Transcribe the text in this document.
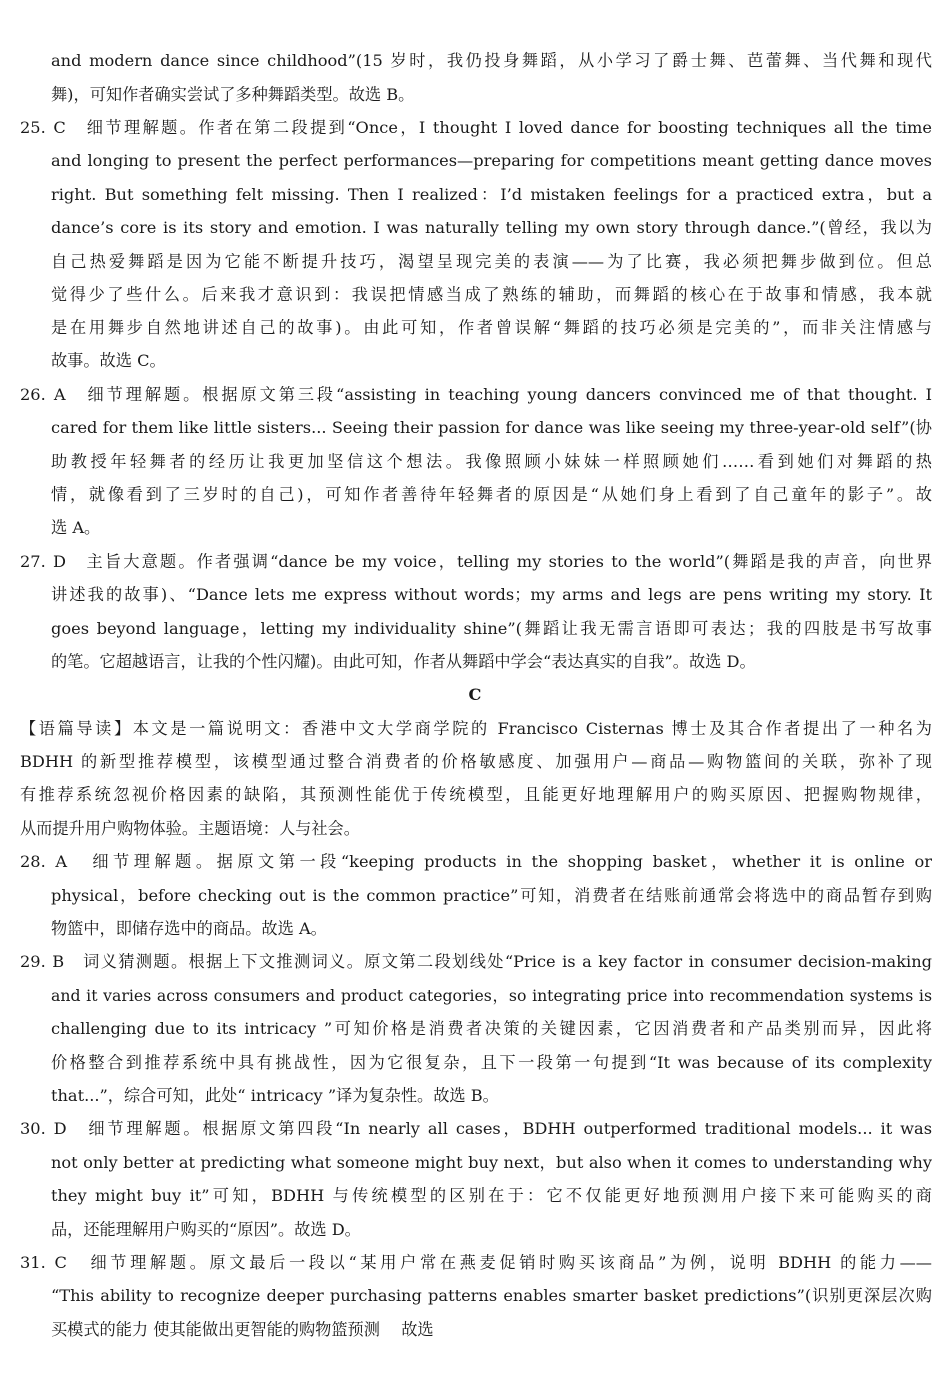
and modern dance since childhood”(15 岁时，我仍投身舞蹈，从小学习了爵士舞、芭蕾舞、当代舞和现代
舞)，可知作者确实尝试了多种舞蹈类型。故选 B。
25. C　细节理解题。作者在第二段提到“Once，I thought I loved dance for boosting techniques all the time
and longing to present the perfect performances—preparing for competitions meant getting dance moves
right. But something felt missing. Then I realized：I’d mistaken feelings for a practiced extra，but a
dance’s core is its story and emotion. I was naturally telling my own story through dance.”(曾经，我以为
自己热爱舞蹈是因为它能不断提升技巧，渴望呈现完美的表演——为了比赛，我必须把舞步做到位。但总
觉得少了些什么。后来我才意识到：我误把情感当成了熟练的辅助，而舞蹈的核心在于故事和情感，我本就
是在用舞步自然地讲述自己的故事)。由此可知，作者曾误解“舞蹈的技巧必须是完美的”，而非关注情感与
故事。故选 C。
26. A　细节理解题。根据原文第三段“assisting in teaching young dancers convinced me of that thought. I
cared for them like little sisters... Seeing their passion for dance was like seeing my three-year-old self”(协
助教授年轻舞者的经历让我更加坚信这个想法。我像照顾小妹妹一样照顾她们……看到她们对舞蹈的热
情，就像看到了三岁时的自己)，可知作者善待年轻舞者的原因是“从她们身上看到了自己童年的影子”。故
选 A。
27. D　主旨大意题。作者强调“dance be my voice，telling my stories to the world”(舞蹈是我的声音，向世界
讲述我的故事)、“Dance lets me express without words；my arms and legs are pens writing my story. It
goes beyond language，letting my individuality shine”(舞蹈让我无需言语即可表达；我的四肢是书写故事
的笔。它超越语言，让我的个性闪耀)。由此可知，作者从舞蹈中学会“表达真实的自我”。故选 D。
C
【语篇导读】本文是一篇说明文：香港中文大学商学院的 Francisco Cisternas 博士及其合作者提出了一种名为
BDHH 的新型推荐模型，该模型通过整合消费者的价格敏感度、加强用户—商品—购物篮间的关联，弥补了现
有推荐系统忽视价格因素的缺陷，其预测性能优于传统模型，且能更好地理解用户的购买原因、把握购物规律，
从而提升用户购物体验。主题语境：人与社会。
28. A　细节理解题。据原文第一段“keeping products in the shopping basket，whether it is online or
physical，before checking out is the common practice”可知，消费者在结账前通常会将选中的商品暂存到购
物篮中，即储存选中的商品。故选 A。
29. B　词义猜测题。根据上下文推测词义。原文第二段划线处“Price is a key factor in consumer decision-making
and it varies across consumers and product categories，so integrating price into recommendation systems is
challenging due to its intricacy ”可知价格是消费者决策的关键因素，它因消费者和产品类别而异，因此将
价格整合到推荐系统中具有挑战性，因为它很复杂，且下一段第一句提到“It was because of its complexity
that...”，综合可知，此处“ intricacy ”译为复杂性。故选 B。
30. D　细节理解题。根据原文第四段“In nearly all cases，BDHH outperformed traditional models... it was
not only better at predicting what someone might buy next，but also when it comes to understanding why
they might buy it”可知，BDHH 与传统模型的区别在于：它不仅能更好地预测用户接下来可能购买的商
品，还能理解用户购买的“原因”。故选 D。
31. C　细节理解题。原文最后一段以“某用户常在燕麦促销时购买该商品”为例，说明 BDHH 的能力——
“This ability to recognize deeper purchasing patterns enables smarter basket predictions”(识别更深层次购
买模式的能力 使其能做出更智能的购物篮预测　 故选
